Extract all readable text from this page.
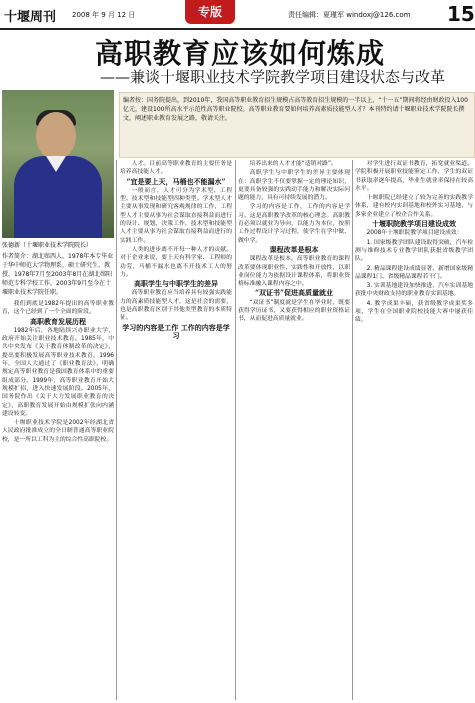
十堰周刊 2008 年 9 月 12 日	专版	责任编辑：夏瑾军 windoxj@126.com 15
高职教育应该如何炼成
——兼谈十堰职业技术学院教学项目建设状态与改革
张德新（十堰职业技术学院院长）
作者简介：湖北郧西人，1978年本专毕业于华中师范大学物理系，硕士研究生，教授，1978年7月至2003年8月在湖北郧阳师范专科学校工作，2003年9月至今在十堰职业技术学院任职。
编者按：国务院提出，到2010年，我国高等职业教育招生规模占高等教育招生规模的一半以上，“十一五”期间将经由财政投入100亿元，建设100所高水平示范性高等职业院校。高等职业教育要如何培养高素质技能型人才？本刊特约请十堰职业技术学院院长撰文，阐述职业教育发展之路，敬请关注。

我们到底是1982年提出的高等职业教育，这个已经到了一个全面的阶段。

高职教育发展历程

1982年后，各地陆续兴办职业大学，政府开始关注职业技术教育。1985年，中共中央发布《关于教育体制改革的决定》，提出要积极发展高等职业技术教育。1996年，全国人大通过了《职业教育法》，明确规定高等职业教育是我国教育体系中的重要组成部分。1999年，高等职业教育开始大规模扩招，进入快速发展阶段。2005年，国务院作出《关于大力发展职业教育的决定》，高职教育发展开始由规模扩张向内涵建设转变。

十堰职业技术学院是2002年经湖北省人民政府批准成立的全日制普通高等职业院校，是一所以工科为主的综合性高职院校。

人才。目前高等职业教育的主要任务是培养高技能人才。

“宜是要上天，马桶也不能漏水”

一般而言，人才可分为学术型、工程型、技术型和技能型四种类型。学术型人才主要从事发现和研究客观规律的工作，工程型人才主要从事为社会谋取直接利益而进行的设计、规划、决策工作，技术型和技能型人才主要从事为社会谋取直接利益而进行的实践工作。

人类的进步离不开每一种人才的贡献。对于企业来说，要上天有科学家、工程师的功劳，马桶不漏水也离不开技术工人的努力。

高职学生与中职学生的差异

高等职业教育应当培养具有较强实践能力的高素质技能型人才，这是社会的需要，也是高职教育区别于其他类型教育的本质特征。

学习的内容是工作 工作的内容是学习

培养出来的人才才能“适销对路”。

高职学生与中职学生的差异主要体现在：高职学生不仅要掌握一定的理论知识，更要具备较强的实践动手能力和解决实际问题的能力，具有可持续发展的潜力。

学习的内容是工作，工作的内容是学习。这是高职教学改革的核心理念。高职教育必须以就业为导向，以能力为本位，按照工作过程设计学习过程，使学生在学中做、做中学。

课程改革是根本

课程改革是根本。高等职业教育的课程改革要体现职业性、实践性和开放性，以职业岗位能力为依据设计课程体系，将职业资格标准融入课程内容之中。

“双证书”促进高质量就业

“双证书”制度就是学生在毕业时，既要获得学历证书，又要获得相应的职业资格证书，从而促进高质量就业。

对学生进行双证书教育，拓宽就业渠道。学院积极开展职业技能鉴定工作，学生的双证书获取率逐年提高，毕业生就业率保持在较高水平。

十堰职院已经建立了较为完善的实践教学体系，建有校内实训基地和校外实习基地，与多家企业建立了校企合作关系。

十堰职院教学项目建设成效

2008年十堰职院教学项目建设成效：

1. 国家级教学团队建设取得突破，汽车检测与维修技术专业教学团队获批省级教学团队。

2. 精品课程建设成绩显著，新增国家级精品课程1门、省级精品课程若干门。

3. 实训基地建设加快推进，汽车实训基地获批中央财政支持的职业教育实训基地。

4. 教学成果丰硕，获省级教学成果奖多项，学生在全国职业院校技能大赛中屡获佳绩。
